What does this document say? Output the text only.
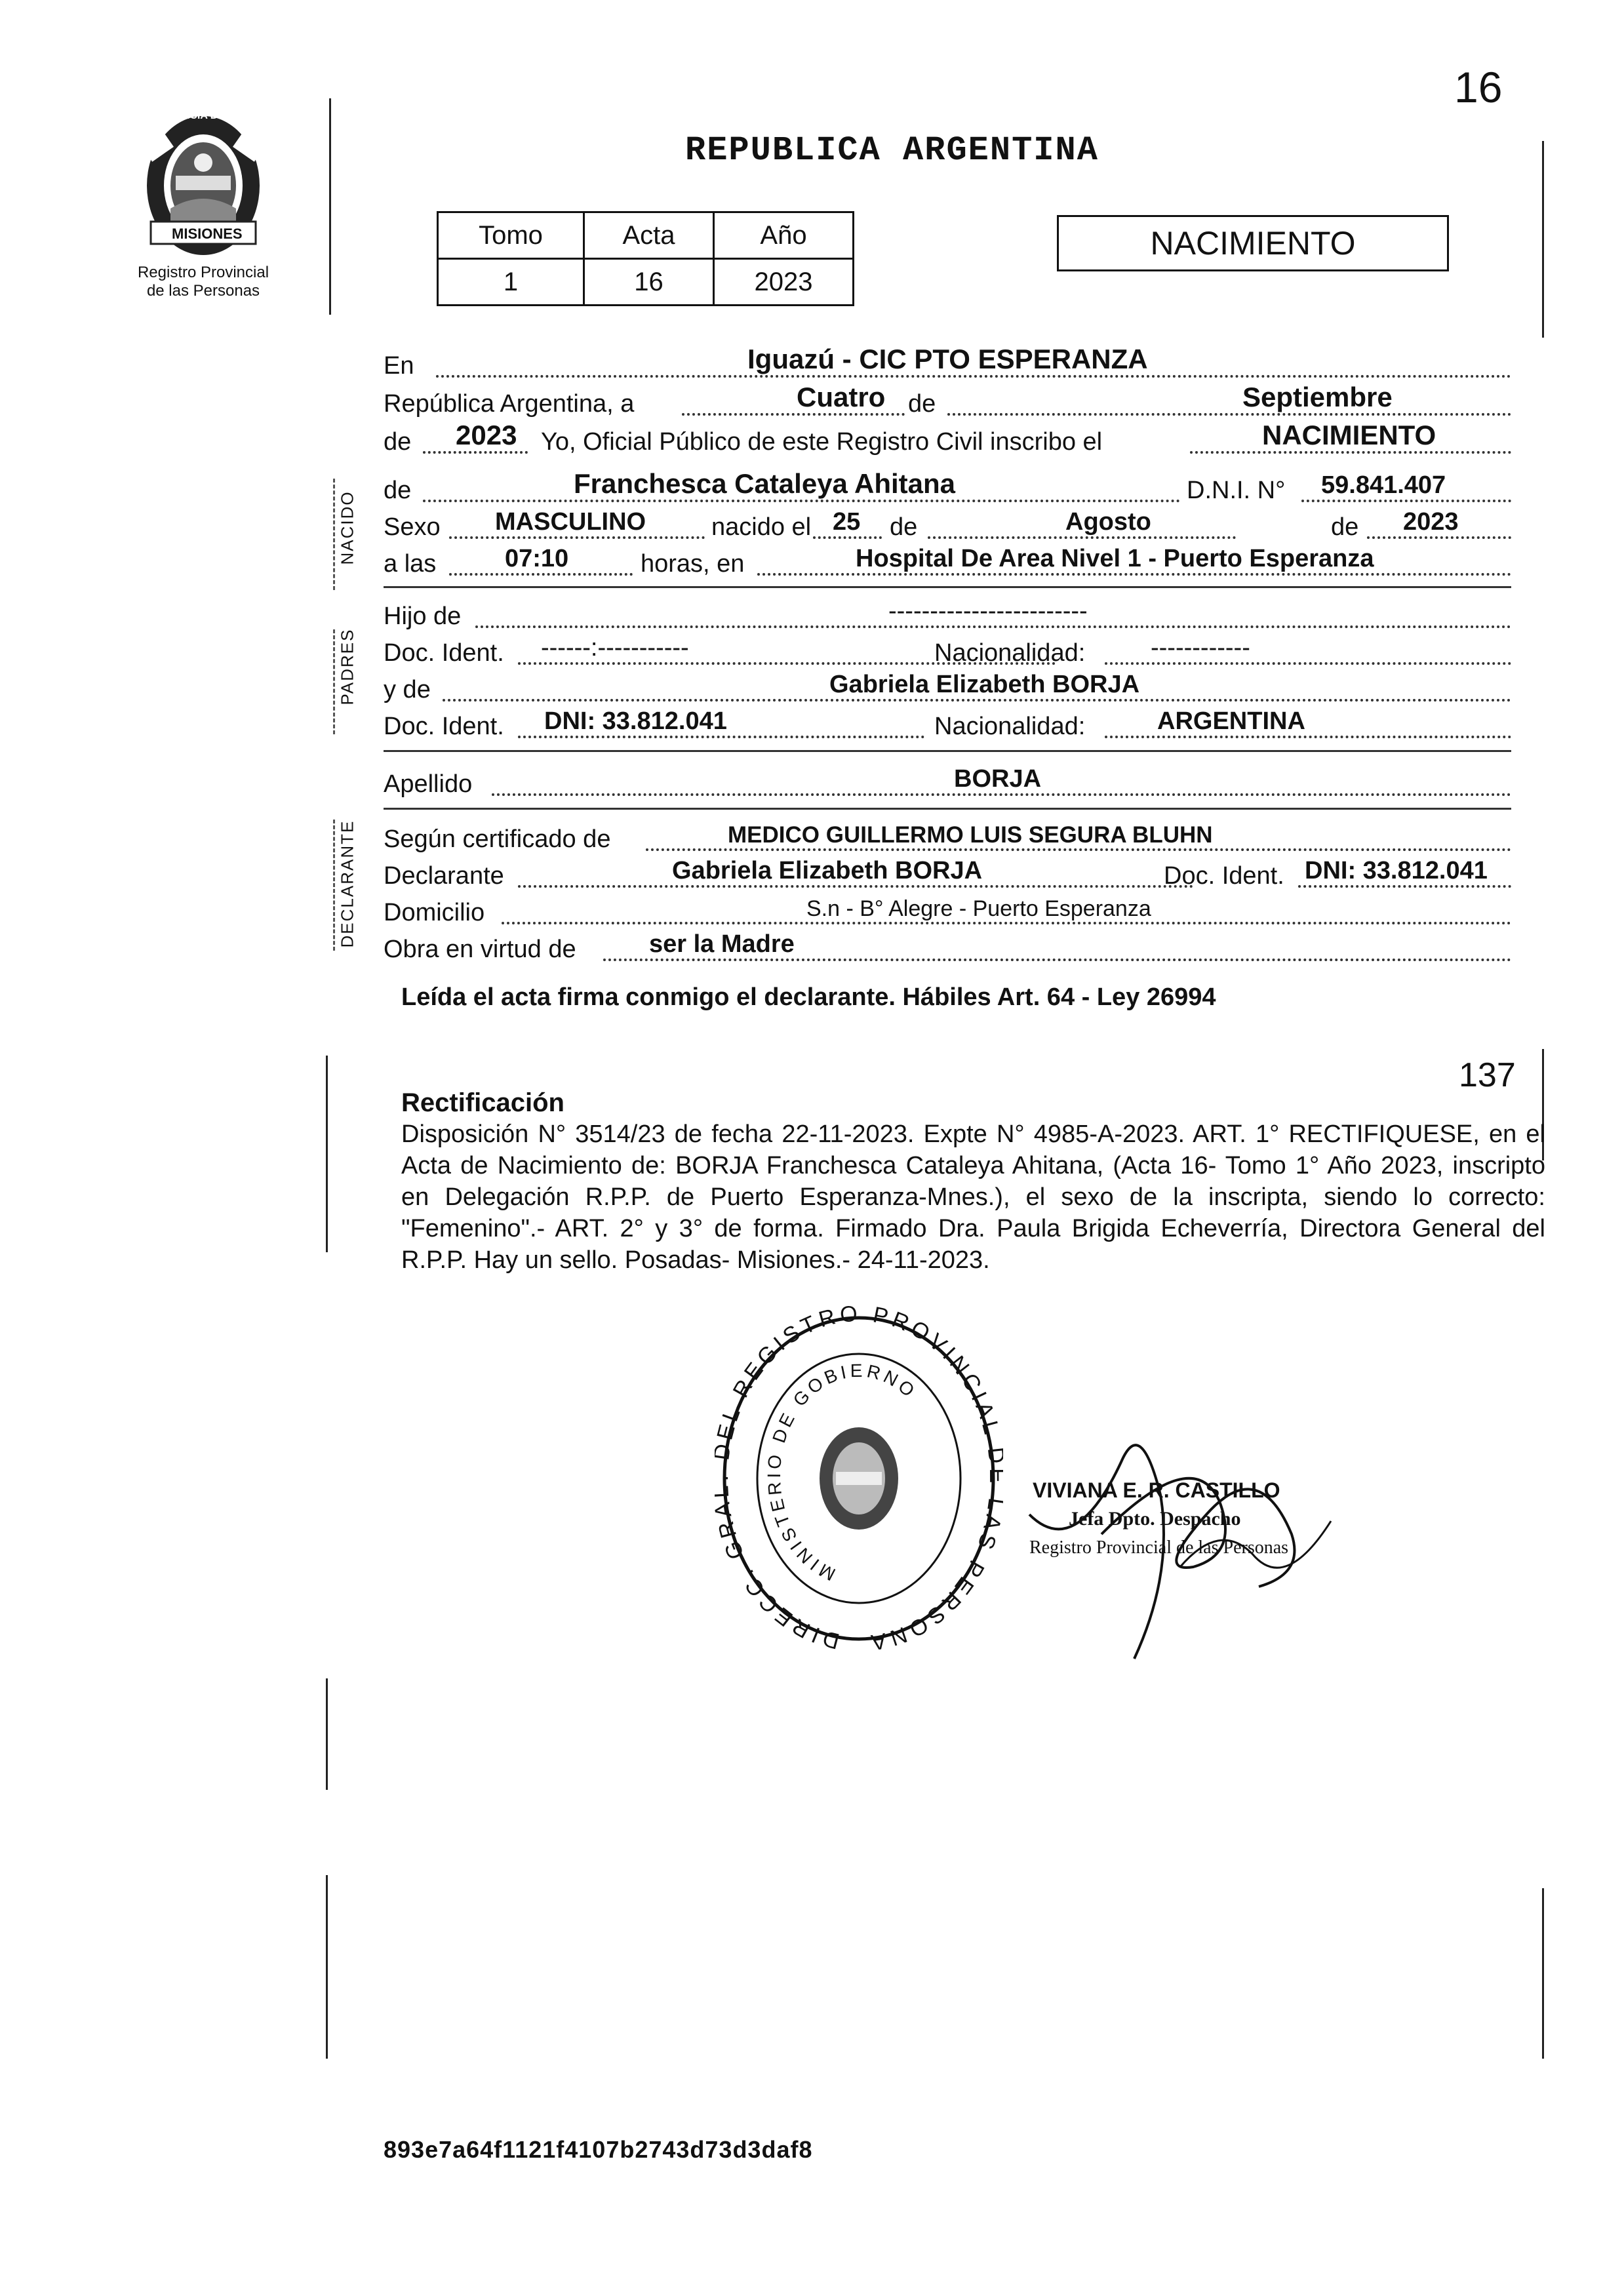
16
PROVINCIA DE
MISIONES
Registro Provincial
de las Personas
REPUBLICA ARGENTINA
Tomo	Acta	Año
1	16	2023
NACIMIENTO
NACIDO
PADRES
DECLARANTE
En	Iguazú - CIC PTO ESPERANZA
República Argentina, a	Cuatro de	Septiembre
de 2023 Yo, Oficial Público de este Registro Civil inscribo el	NACIMIENTO
de	Franchesca Cataleya Ahitana	D.N.I. N° 59.841.407
Sexo MASCULINO	nacido el 25 de	Agosto	de 2023
a las	07:10	horas, en	Hospital De Area Nivel 1 - Puerto Esperanza
Hijo de	------------------------
Doc. Ident. ------:-----------	Nacionalidad:	------------
y de	Gabriela Elizabeth BORJA
Doc. Ident. DNI: 33.812.041	Nacionalidad:	ARGENTINA
Apellido	BORJA
Según certificado de	MEDICO GUILLERMO LUIS SEGURA BLUHN
Declarante	Gabriela Elizabeth BORJA	Doc. Ident. DNI: 33.812.041
Domicilio	S.n - B° Alegre - Puerto Esperanza
Obra en virtud de	ser la Madre
Leída el acta firma conmigo el declarante. Hábiles Art. 64 - Ley 26994
137
Rectificación
Disposición N° 3514/23 de fecha 22-11-2023. Expte N° 4985-A-2023. ART. 1° RECTIFIQUESE, en el Acta de Nacimiento de: BORJA Franchesca Cataleya Ahitana, (Acta 16- Tomo 1° Año 2023, inscripto en Delegación R.P.P. de Puerto Esperanza-Mnes.), el sexo de la inscripta, siendo lo correcto: "Femenino".- ART. 2° y 3° de forma. Firmado Dra. Paula Brigida Echeverría, Directora General del R.P.P. Hay un sello. Posadas- Misiones.- 24-11-2023.
DIRECC. GR EL REGISTRO PROVINCIAL S PERSONA
MINISTERIO DE GOBIERNO
VIVIANA E. R. CASTILLO
Jefa Dpto. Despacho
Registro Provincial de las Personas
893e7a64f1121f4107b2743d73d3daf8
